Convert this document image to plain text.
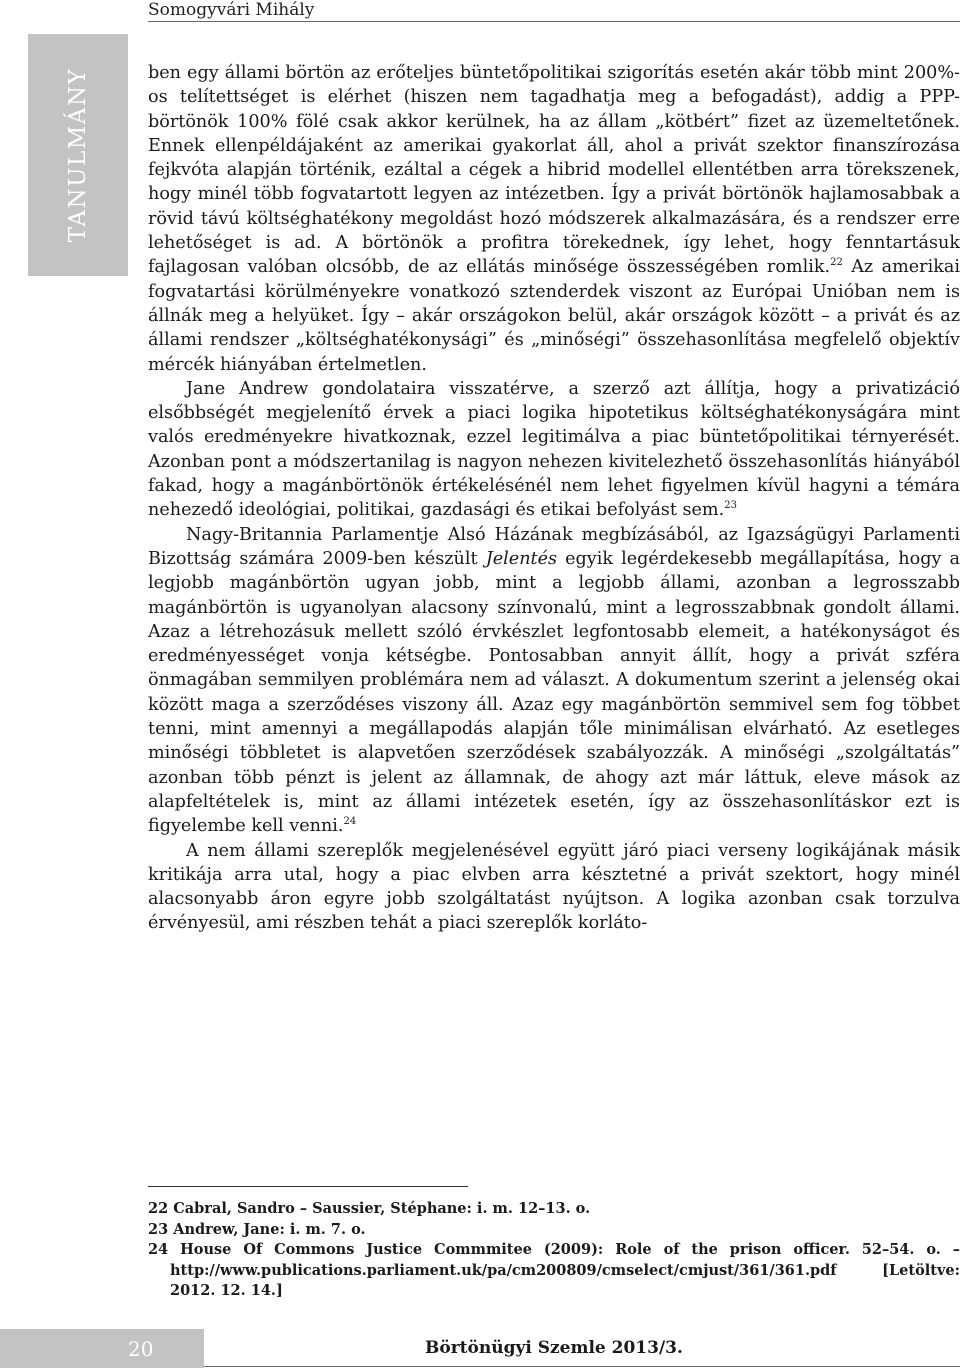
Somogyvári Mihály
TANULMÁNY	ben egy állami börtön az erőteljes büntetőpolitikai szigorítás esetén akár több mint 200%-os telítettséget is elérhet (hiszen nem tagadhatja meg a befogadást), addig a PPP-börtönök 100% fölé csak akkor kerülnek, ha az állam „kötbért” fizet az üzemeltetőnek. Ennek ellenpéldájaként az amerikai gyakorlat áll, ahol a privát szektor finanszírozása fejkvóta alapján történik, ezáltal a cégek a hibrid modellel ellentétben arra törekszenek, hogy minél több fogvatartott legyen az intézetben. Így a privát börtönök hajlamosabbak a rövid távú költséghatékony megoldást hozó módszerek alkalmazására, és a rendszer erre lehetőséget is ad. A börtönök a profitra törekednek, így lehet, hogy fenntartásuk fajlagosan valóban olcsóbb, de az ellátás minősége összességében romlik.$^{22}$ Az amerikai fogvatartási körülményekre vonatkozó sztenderdek viszont az Európai Unióban nem is állnák meg a helyüket. Így – akár országokon belül, akár országok között – a privát és az állami rendszer „költséghatékonysági” és „minőségi” összehasonlítása megfelelő objektív mércék hiányában értelmetlen.

Jane Andrew gondolataira visszatérve, a szerző azt állítja, hogy a privatizáció elsőbbségét megjelenítő érvek a piaci logika hipotetikus költséghatékonyságára mint valós eredményekre hivatkoznak, ezzel legitimálva a piac büntetőpolitikai térnyerését. Azonban pont a módszertanilag is nagyon nehezen kivitelezhető összehasonlítás hiányából fakad, hogy a magánbörtönök értékelésénél nem lehet figyelmen kívül hagyni a témára nehezedő ideológiai, politikai, gazdasági és etikai befolyást sem.$^{23}$

Nagy-Britannia Parlamentje Alsó Házának megbízásából, az Igazságügyi Parlamenti Bizottság számára 2009-ben készült Jelentés egyik legérdekesebb megállapítása, hogy a legjobb magánbörtön ugyan jobb, mint a legjobb állami, azonban a legrosszabb magánbörtön is ugyanolyan alacsony színvonalú, mint a legrosszabbnak gondolt állami. Azaz a létrehozásuk mellett szóló érvkészlet legfontosabb elemeit, a hatékonyságot és eredményességet vonja kétségbe. Pontosabban annyit állít, hogy a privát szféra önmagában semmilyen problémára nem ad választ. A dokumentum szerint a jelenség okai között maga a szerződéses viszony áll. Azaz egy magánbörtön semmivel sem fog többet tenni, mint amennyi a megállapodás alapján tőle minimálisan elvárható. Az esetleges minőségi többletet is alapvetően szerződések szabályozzák. A minőségi „szolgáltatás” azonban több pénzt is jelent az államnak, de ahogy azt már láttuk, eleve mások az alapfeltételek is, mint az állami intézetek esetén, így az összehasonlításkor ezt is figyelembe kell venni.$^{24}$

A nem állami szereplők megjelenésével együtt járó piaci verseny logikájának másik kritikája arra utal, hogy a piac elvben arra késztetné a privát szektort, hogy minél alacsonyabb áron egyre jobb szolgáltatást nyújtson. A logika azonban csak torzulva érvényesül, ami részben tehát a piaci szereplők korláto-

22 Cabral, Sandro – Saussier, Stéphane: i. m. 12–13. o.

23 Andrew, Jane: i. m. 7. o.

24 House Of Commons Justice Commmitee (2009): Role of the prison officer. 52–54. o. – http://www.publications.parliament.uk/pa/cm200809/cmselect/cmjust/361/361.pdf [Letöltve: 2012. 12. 14.]

20	Börtönügyi Szemle 2013/3.
